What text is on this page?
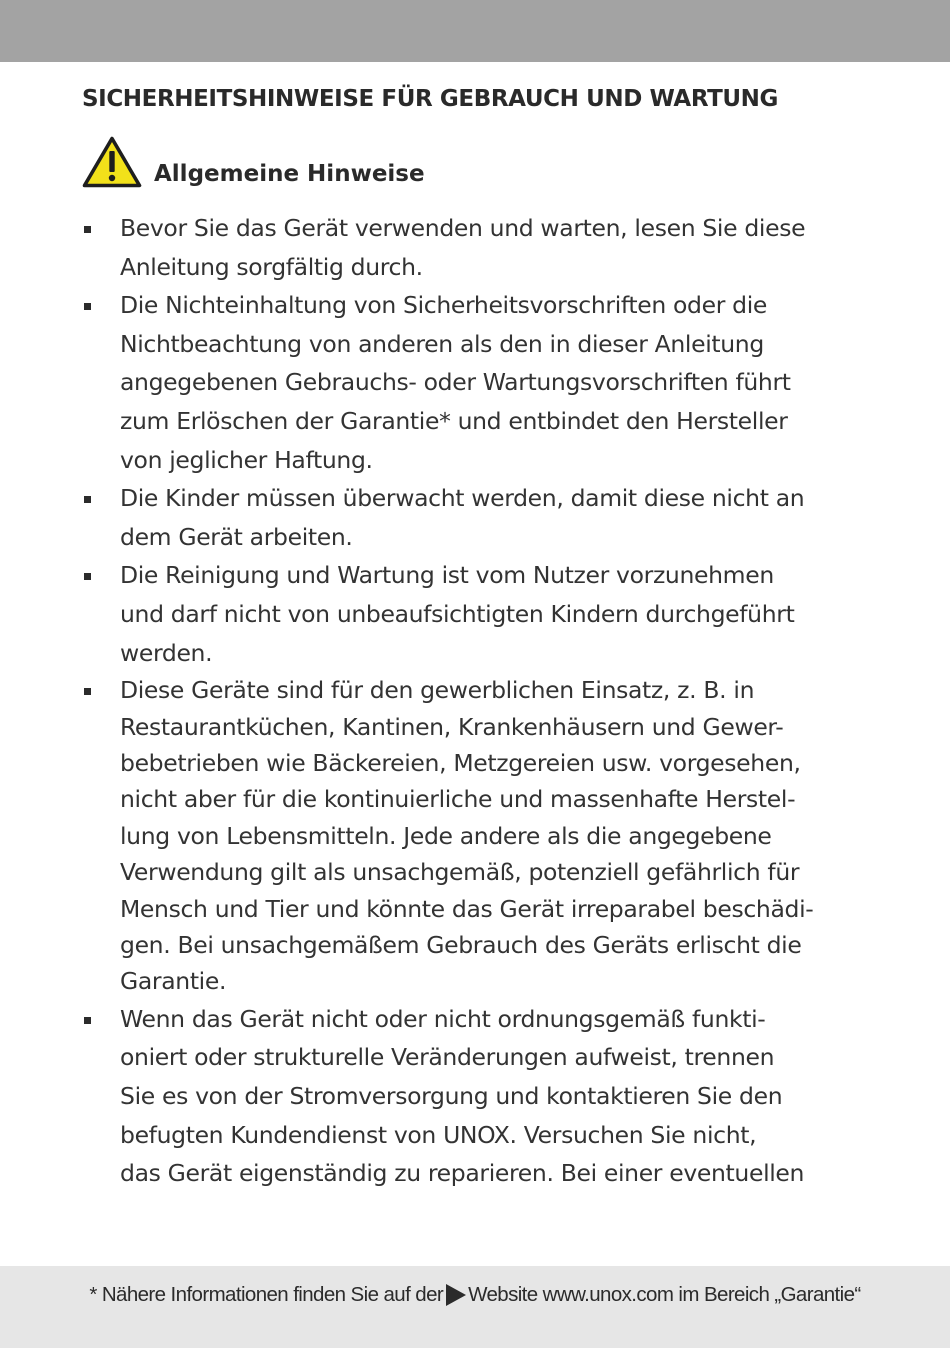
SICHERHEITSHINWEISE FÜR GEBRAUCH UND WARTUNG
Allgemeine Hinweise
Bevor Sie das Gerät verwenden und warten, lesen Sie diese
Anleitung sorgfältig durch.
Die Nichteinhaltung von Sicherheitsvorschriften oder die
Nichtbeachtung von anderen als den in dieser Anleitung
angegebenen Gebrauchs- oder Wartungsvorschriften führt
zum Erlöschen der Garantie* und entbindet den Hersteller
von jeglicher Haftung.
Die Kinder müssen überwacht werden, damit diese nicht an
dem Gerät arbeiten.
Die Reinigung und Wartung ist vom Nutzer vorzunehmen
und darf nicht von unbeaufsichtigten Kindern durchgeführt
werden.
Diese Geräte sind für den gewerblichen Einsatz, z. B. in
Restaurantküchen, Kantinen, Krankenhäusern und Gewer-
bebetrieben wie Bäckereien, Metzgereien usw. vorgesehen,
nicht aber für die kontinuierliche und massenhafte Herstel-
lung von Lebensmitteln. Jede andere als die angegebene
Verwendung gilt als unsachgemäß, potenziell gefährlich für
Mensch und Tier und könnte das Gerät irreparabel beschädi-
gen. Bei unsachgemäßem Gebrauch des Geräts erlischt die
Garantie.
Wenn das Gerät nicht oder nicht ordnungsgemäß funkti-
oniert oder strukturelle Veränderungen aufweist, trennen
Sie es von der Stromversorgung und kontaktieren Sie den
befugten Kundendienst von UNOX. Versuchen Sie nicht,
das Gerät eigenständig zu reparieren. Bei einer eventuellen
* Nähere Informationen finden Sie auf der Website www.unox.com im Bereich „Garantie“
